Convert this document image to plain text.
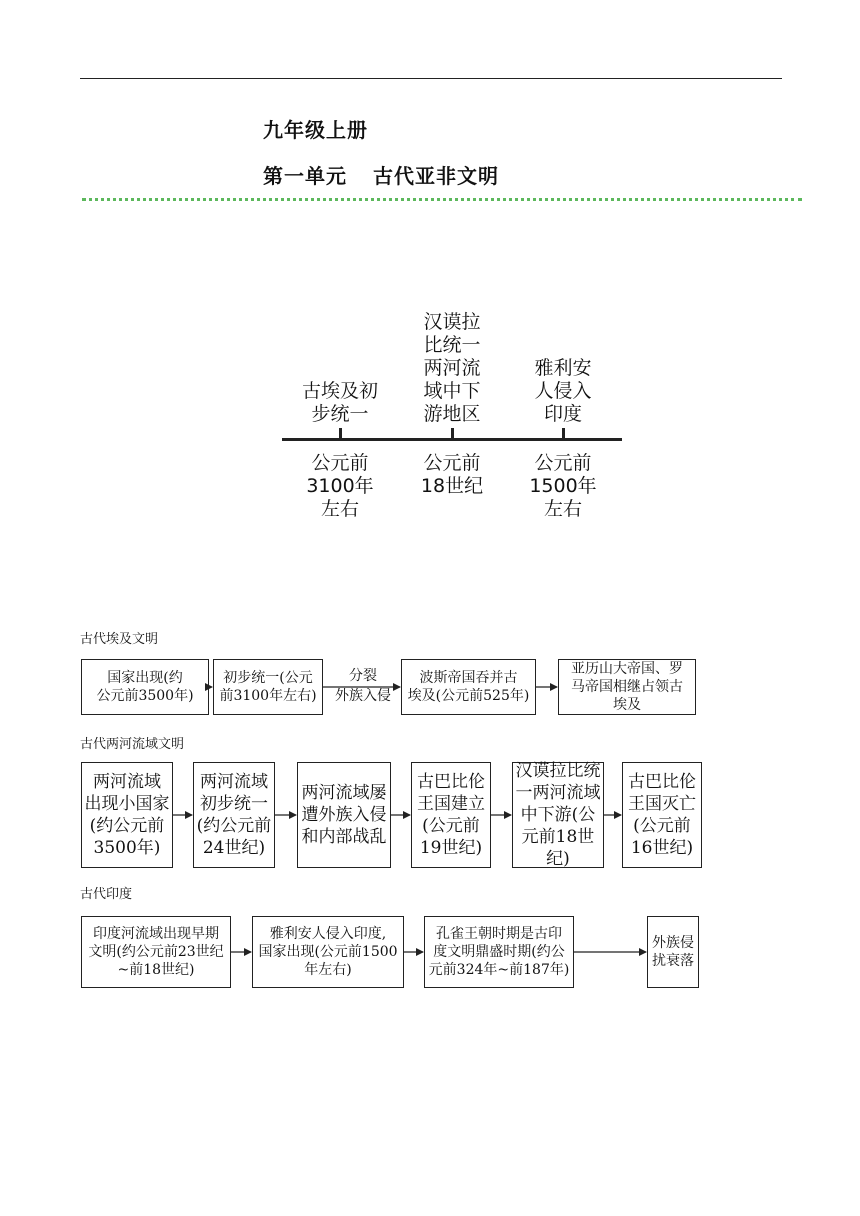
九年级上册
第一单元 古代亚非文明
古埃及初
步统一
汉谟拉
比统一
两河流
域中下
游地区
雅利安
人侵入
印度
公元前
3100年
左右
公元前
18世纪
公元前
1500年
左右
古代埃及文明
国家出现(约
公元前3500年)
初步统一(公元
前3100年左右)
分裂
外族入侵
波斯帝国吞并古
埃及(公元前525年)
亚历山大帝国、罗
马帝国相继占领古
埃及
古代两河流域文明
两河流域
出现小国家
(约公元前
3500年)
两河流域
初步统一
(约公元前
24世纪)
两河流域屡
遭外族入侵
和内部战乱
古巴比伦
王国建立
(公元前
19世纪)
汉谟拉比统
一两河流域
中下游(公
元前18世纪)
古巴比伦
王国灭亡
(公元前
16世纪)
古代印度
印度河流域出现早期
文明(约公元前23世纪
~前18世纪)
雅利安人侵入印度,
国家出现(公元前1500
年左右)
孔雀王朝时期是古印
度文明鼎盛时期(约公
元前324年~前187年)
外族侵
扰衰落
